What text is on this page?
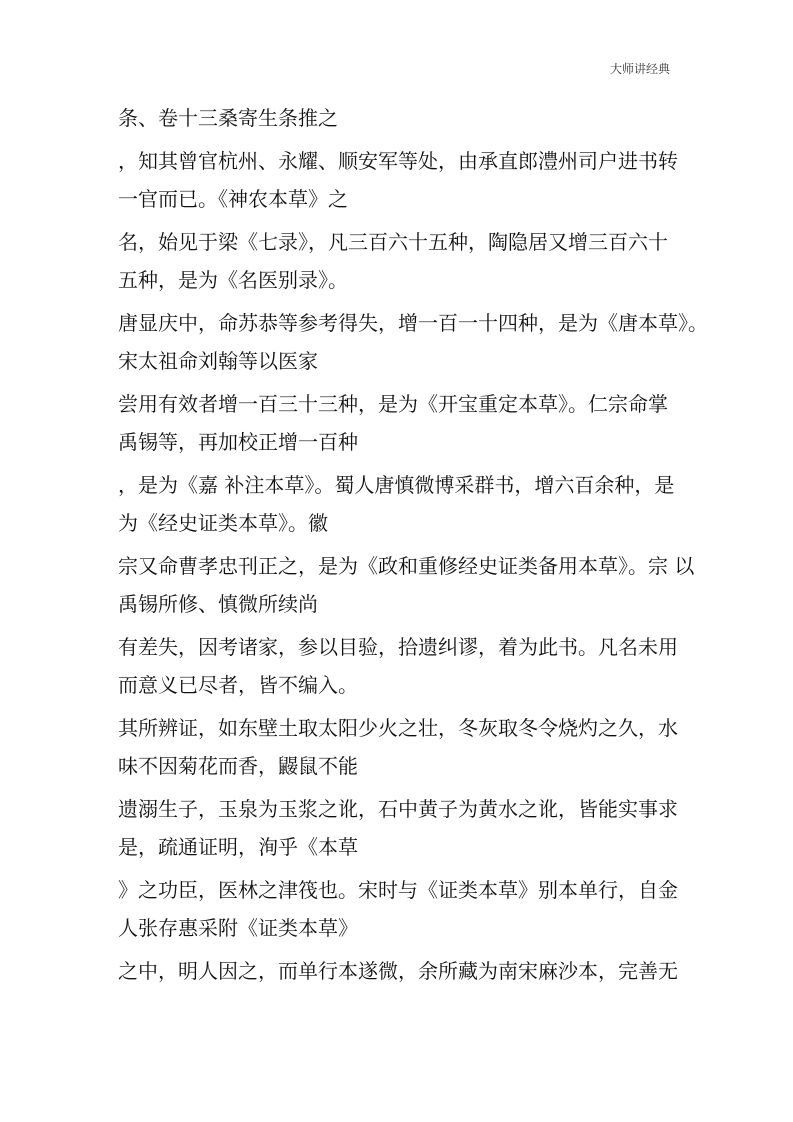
大师讲经典
条、卷十三桑寄生条推之
，知其曾官杭州、永耀、顺安军等处，由承直郎澧州司户进书转
一官而已。《神农本草》之
名，始见于梁《七录》，凡三百六十五种，陶隐居又增三百六十
五种，是为《名医别录》。
唐显庆中，命苏恭等参考得失，增一百一十四种，是为《唐本草》。
宋太祖命刘翰等以医家
尝用有效者增一百三十三种，是为《开宝重定本草》。仁宗命掌
禹锡等，再加校正增一百种
，是为《嘉 补注本草》。蜀人唐慎微博采群书，增六百余种，是
为《经史证类本草》。徽
宗又命曹孝忠刊正之，是为《政和重修经史证类备用本草》。宗 以
禹锡所修、慎微所续尚
有差失，因考诸家，参以目验，拾遗纠谬，着为此书。凡名未用
而意义已尽者，皆不编入。
其所辨证，如东壁土取太阳少火之壮，冬灰取冬令烧灼之久，水
味不因菊花而香，鼹鼠不能
遗溺生子，玉泉为玉浆之讹，石中黄子为黄水之讹，皆能实事求
是，疏通证明，洵乎《本草
》之功臣，医林之津筏也。宋时与《证类本草》别本单行，自金
人张存惠采附《证类本草》
之中，明人因之，而单行本遂微，余所藏为南宋麻沙本，完善无
